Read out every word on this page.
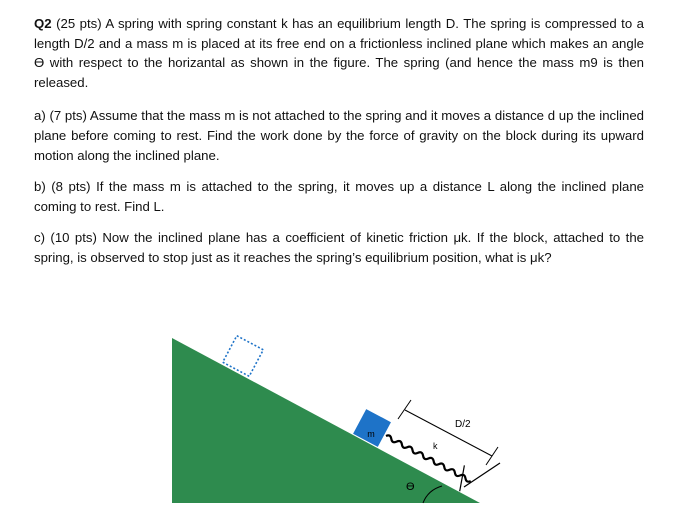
Q2 (25 pts) A spring with spring constant k has an equilibrium length D. The spring is compressed to a length D/2 and a mass m is placed at its free end on a frictionless inclined plane which makes an angle ϴ with respect to the horizantal as shown in the figure. The spring (and hence the mass m9 is then released.

a) (7 pts) Assume that the mass m is not attached to the spring and it moves a distance d up the inclined plane before coming to rest. Find the work done by the force of gravity on the block during its upward motion along the inclined plane.

b) (8 pts) If the mass m is attached to the spring, it moves up a distance L along the inclined plane coming to rest. Find L.

c) (10 pts) Now the inclined plane has a coefficient of kinetic friction μk. If the block, attached to the spring, is observed to stop just as it reaches the spring’s equilibrium position, what is μk?

m
D/2
k
ϴ
